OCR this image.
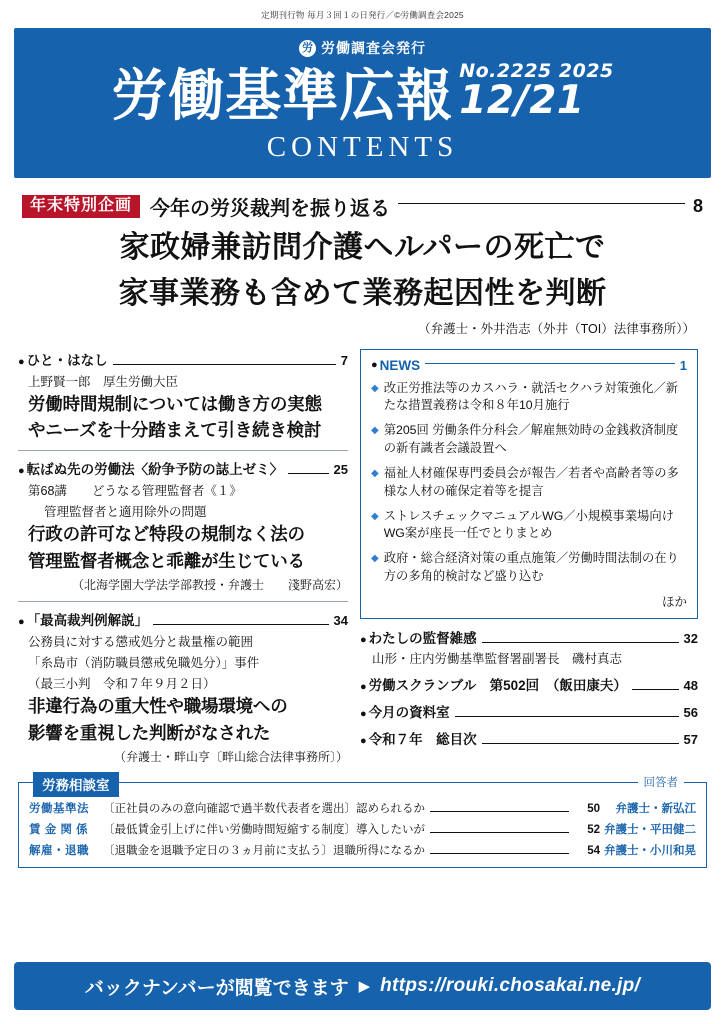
定期刊行物 毎月３回１の日発行／©労働調査会2025
労 労働調査会発行
労働基準広報 No.2225 2025
12/21
CONTENTS
年末特別企画 今年の労災裁判を振り返る	8
家政婦兼訪問介護ヘルパーの死亡で
家事業務も含めて業務起因性を判断
（弁護士・外井浩志（外井（TOI）法律事務所））
● ひと・はなし	7
上野賢一郎　厚生労働大臣
労働時間規制については働き方の実態
やニーズを十分踏まえて引き続き検討
● 転ばぬ先の労働法〈紛争予防の誌上ゼミ〉	25
第68講　　どうなる管理監督者《１》
管理監督者と適用除外の問題
行政の許可など特段の規制なく法の
管理監督者概念と乖離が生じている
（北海学園大学法学部教授・弁護士　　淺野高宏）
● 「最高裁判例解説」	34
公務員に対する懲戒処分と裁量権の範囲
「糸島市（消防職員懲戒免職処分）」事件
（最三小判　令和７年９月２日）
非違行為の重大性や職場環境への
影響を重視した判断がなされた
（弁護士・畔山亨〔畔山総合法律事務所〕）
● NEWS	1
◆ 改正労推法等のカスハラ・就活セクハラ対策強化／新たな措置義務は令和８年10月施行
◆ 第205回 労働条件分科会／解雇無効時の金銭救済制度の新有識者会議設置へ
◆ 福祉人材確保専門委員会が報告／若者や高齢者等の多様な人材の確保定着等を提言
◆ ストレスチェックマニュアルWG／小規模事業場向けWG案が座長一任でとりまとめ
◆ 政府・総合経済対策の重点施策／労働時間法制の在り方の多角的検討など盛り込む
ほか
● わたしの監督雑感	32
山形・庄内労働基準監督署副署長　磯村真志
● 労働スクランブル　第502回　（飯田康夫）	48
● 今月の資料室	56
● 令和７年　総目次	57
労務相談室	回答者
労働基準法	〔正社員のみの意向確認で過半数代表者を選出〕認められるか	50	弁護士・新弘江
賃 金 関 係	〔最低賃金引上げに伴い労働時間短縮する制度〕導入したいが	52 弁護士・平田健二
解雇・退職	〔退職金を退職予定日の３ヵ月前に支払う〕退職所得になるか	54 弁護士・小川和晃
バックナンバーが閲覧できます ▶ https://rouki.chosakai.ne.jp/
